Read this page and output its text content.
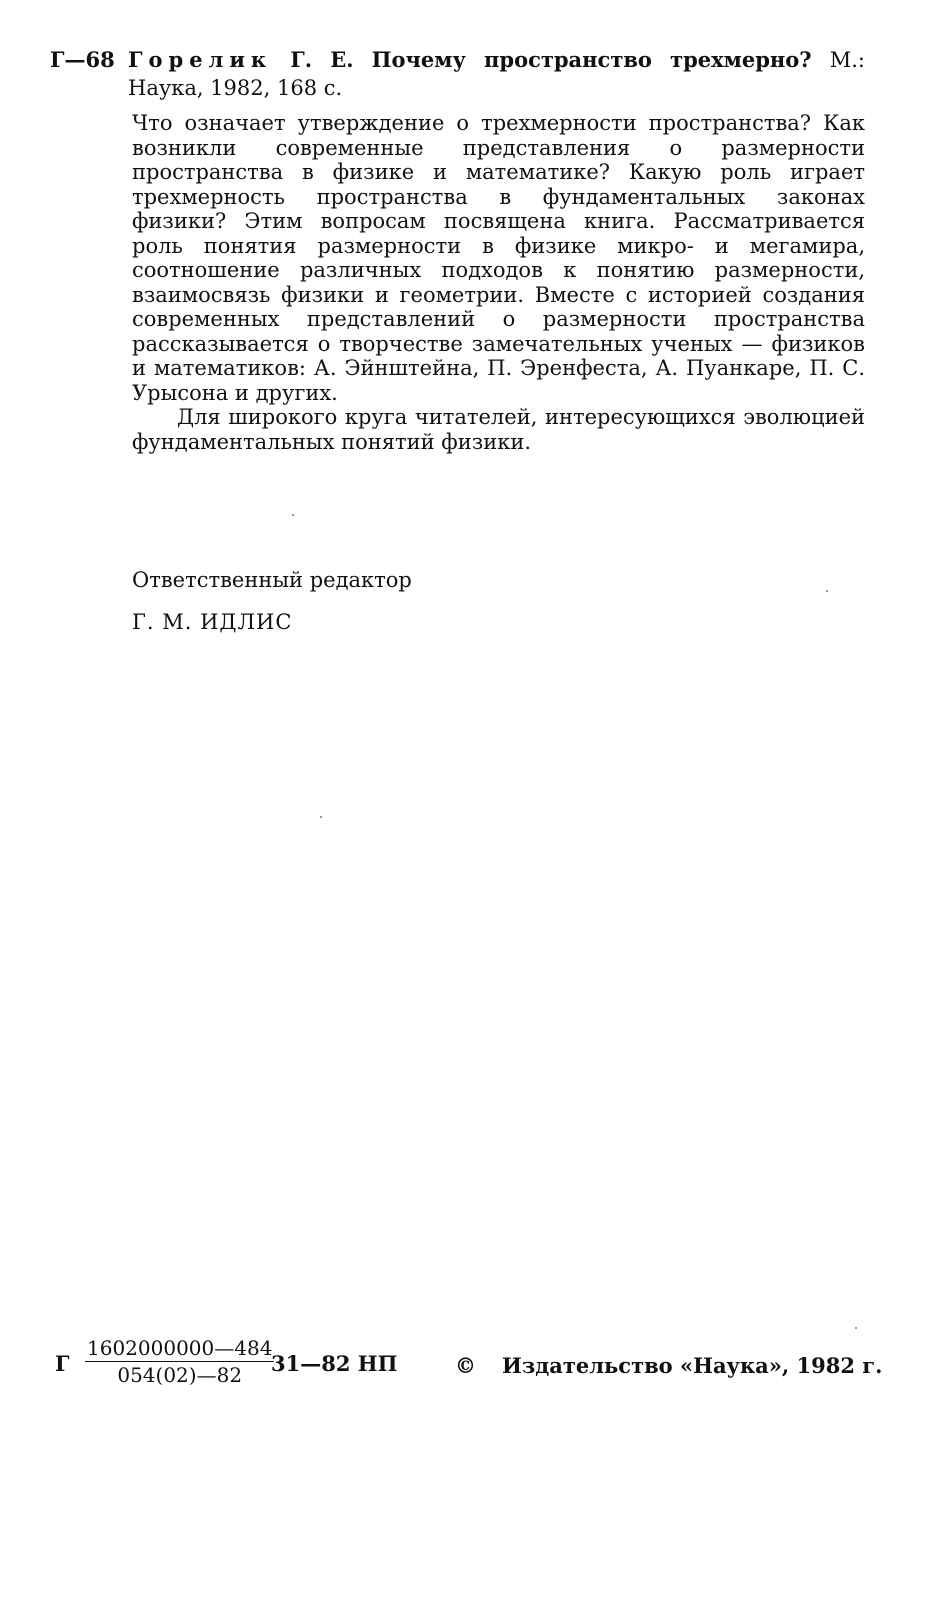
Г—68 Горелик Г. Е. Почему пространство трехмерно? М.: Наука, 1982, 168 с.

Что означает утверждение о трехмерности пространства? Как возникли современные представления о размерности пространства в физике и математике? Какую роль играет трехмерность пространства в фундаментальных законах физики? Этим вопросам посвящена книга. Рассматривается роль понятия размерности в физике микро- и мегамира, соотношение различных подходов к понятию размерности, взаимосвязь физики и геометрии. Вместе с историей создания современных представлений о размерности пространства рассказывается о творчестве замечательных ученых — физиков и математиков: А. Эйнштейна, П. Эренфеста, А. Пуанкаре, П. С. Урысона и других.

Для широкого круга читателей, интересующихся эволюцией фундаментальных понятий физики.

Ответственный редактор
Г. М. ИДЛИС
Г $\frac{1602000000—484}{054(02)—82}$
31—82 НП	© Издательство «Наука», 1982 г.
